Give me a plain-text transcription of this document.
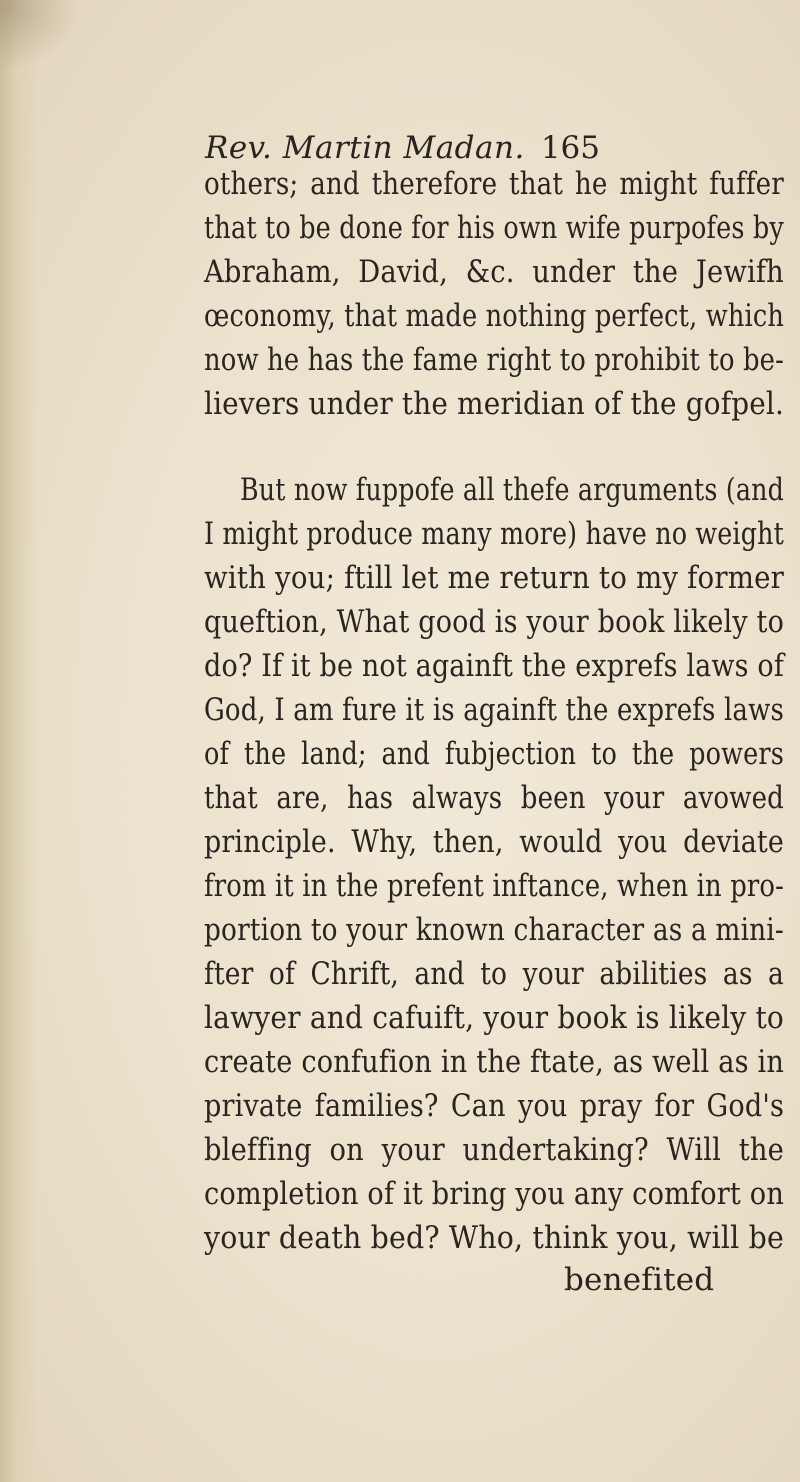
Rev. Martin Madan. 165
others; and therefore that he might fuffer
that to be done for his own wife purpofes by
Abraham, David, &c. under the Jewifh
œconomy, that made nothing perfect, which
now he has the fame right to prohibit to be-
lievers under the meridian of the gofpel.
But now fuppofe all thefe arguments (and
I might produce many more) have no weight
with you; ftill let me return to my former
queftion, What good is your book likely to
do? If it be not againft the exprefs laws of
God, I am fure it is againft the exprefs laws
of the land; and fubjection to the powers
that are, has always been your avowed
principle. Why, then, would you deviate
from it in the prefent inftance, when in pro-
portion to your known character as a mini-
fter of Chrift, and to your abilities as a
lawyer and cafuift, your book is likely to
create confufion in the ftate, as well as in
private families? Can you pray for God's
bleffing on your undertaking? Will the
completion of it bring you any comfort on
your death bed? Who, think you, will be
benefited
